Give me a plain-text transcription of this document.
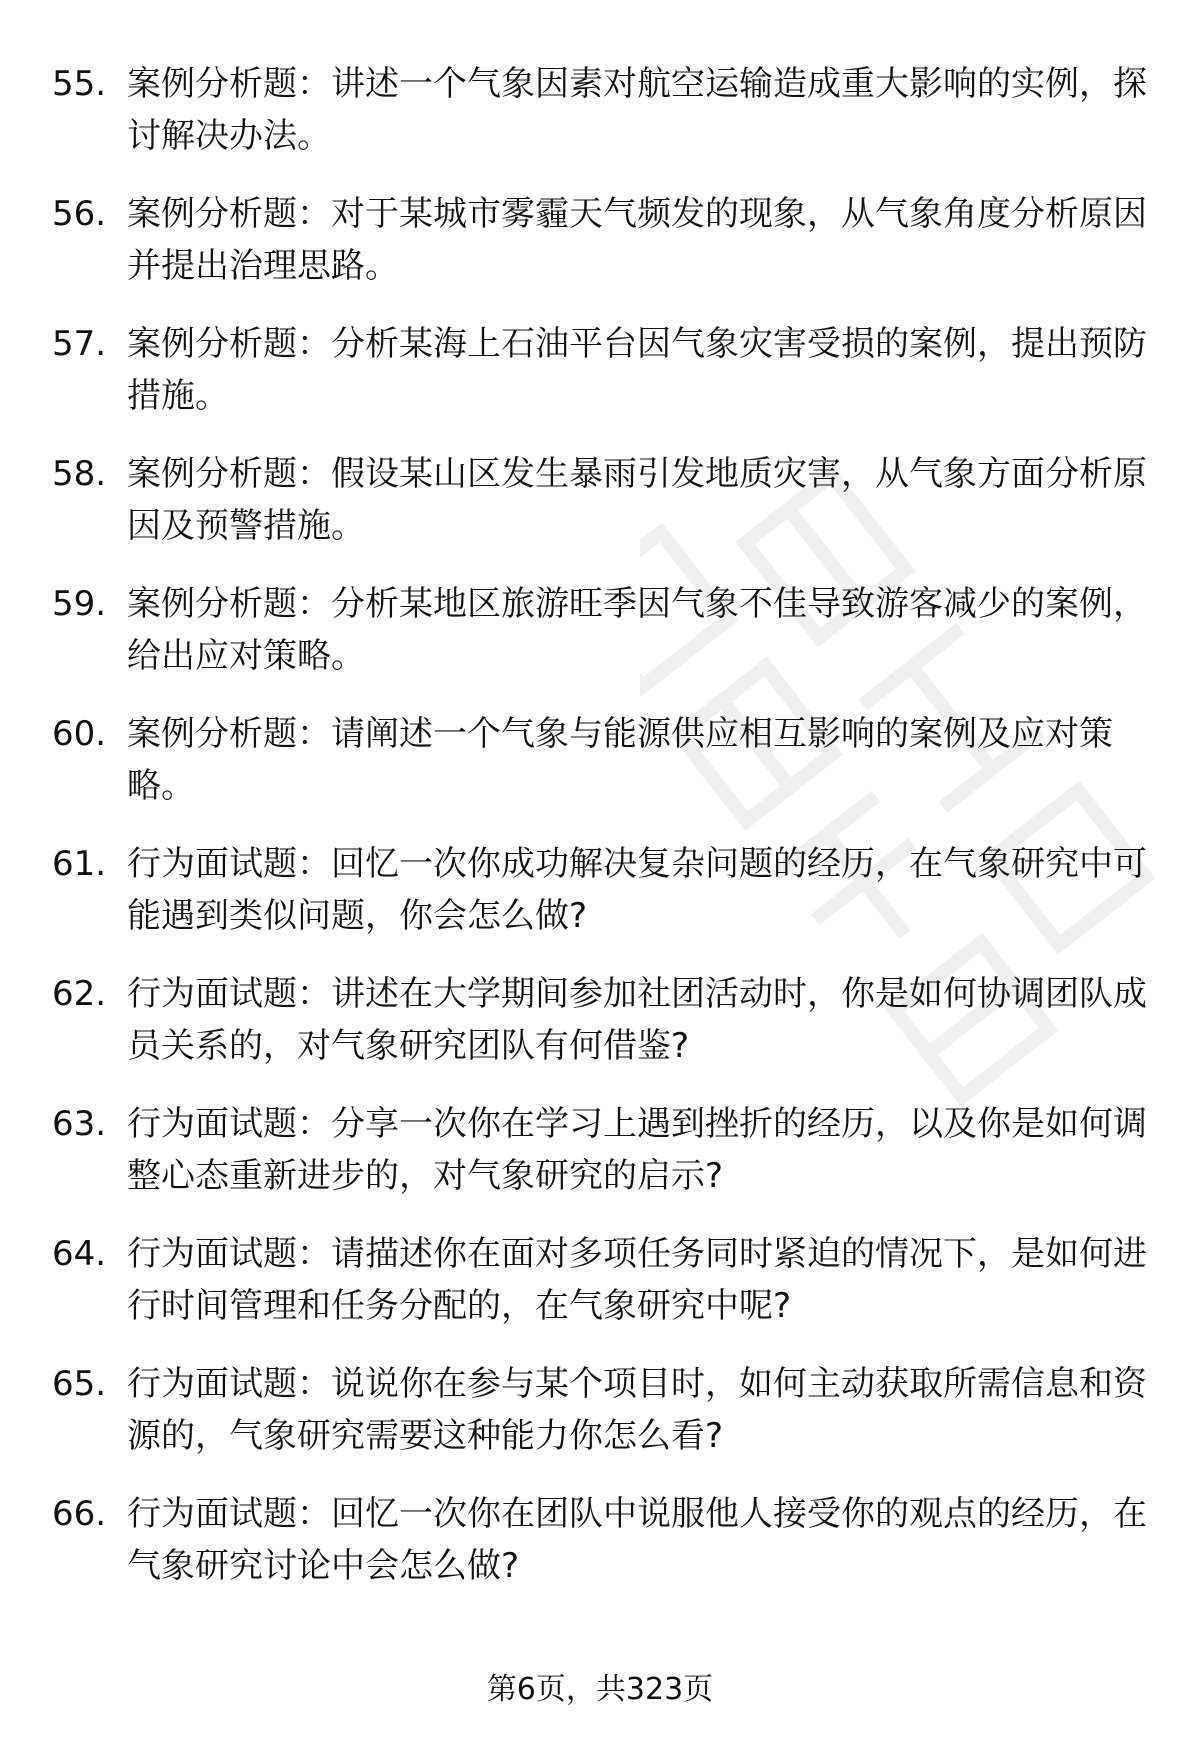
55. 案例分析题：讲述一个气象因素对航空运输造成重大影响的实例，探讨解决办法。
56. 案例分析题：对于某城市雾霾天气频发的现象，从气象角度分析原因并提出治理思路。
57. 案例分析题：分析某海上石油平台因气象灾害受损的案例，提出预防措施。
58. 案例分析题：假设某山区发生暴雨引发地质灾害，从气象方面分析原因及预警措施。
59. 案例分析题：分析某地区旅游旺季因气象不佳导致游客减少的案例，给出应对策略。
60. 案例分析题：请阐述一个气象与能源供应相互影响的案例及应对策略。
61. 行为面试题：回忆一次你成功解决复杂问题的经历，在气象研究中可能遇到类似问题，你会怎么做?
62. 行为面试题：讲述在大学期间参加社团活动时，你是如何协调团队成员关系的，对气象研究团队有何借鉴?
63. 行为面试题：分享一次你在学习上遇到挫折的经历，以及你是如何调整心态重新进步的，对气象研究的启示?
64. 行为面试题：请描述你在面对多项任务同时紧迫的情况下，是如何进行时间管理和任务分配的，在气象研究中呢?
65. 行为面试题：说说你在参与某个项目时，如何主动获取所需信息和资源的，气象研究需要这种能力你怎么看?
66. 行为面试题：回忆一次你在团队中说服他人接受你的观点的经历，在气象研究讨论中会怎么做?
第6页，共323页
